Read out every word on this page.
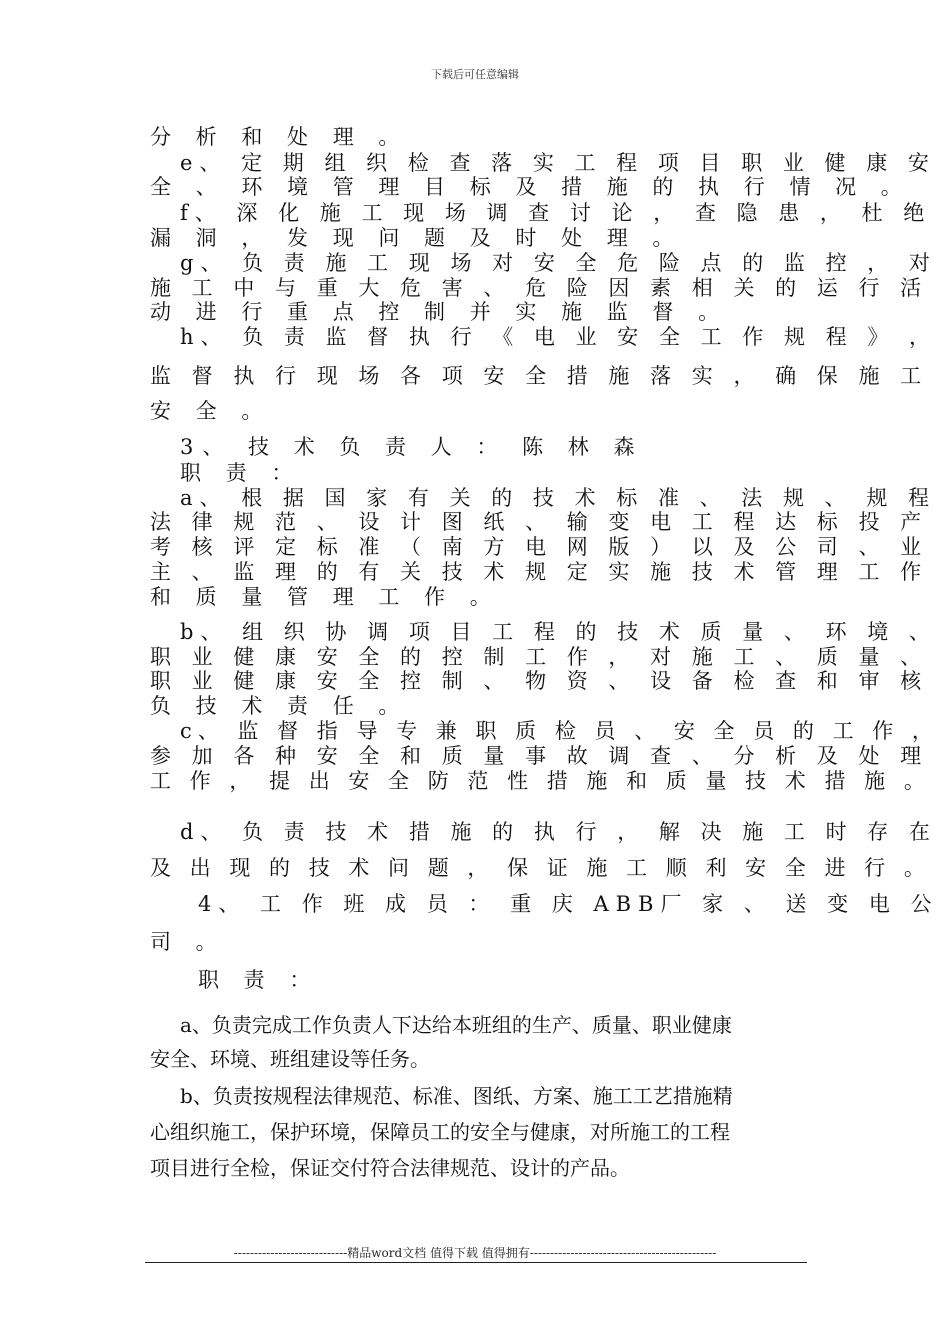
下载后可任意编辑
分 析 和 处 理 。
e、 定 期 组 织 检 查 落 实 工 程 项 目 职 业 健 康 安
全 、 环 境 管 理 目 标 及 措 施 的 执 行 情 况 。
f、 深 化 施 工 现 场 调 查 讨 论 ， 查 隐 患 ， 杜 绝
漏 洞 ， 发 现 问 题 及 时 处 理 。
g、 负 责 施 工 现 场 对 安 全 危 险 点 的 监 控 ， 对
施 工 中 与 重 大 危 害 、 危 险 因 素 相 关 的 运 行 活
动 进 行 重 点 控 制 并 实 施 监 督 。
h、 负 责 监 督 执 行 《 电 业 安 全 工 作 规 程 》 ，
监 督 执 行 现 场 各 项 安 全 措 施 落 实 ， 确 保 施 工
安 全 。
3、 技 术 负 责 人 ： 陈 林 森
职 责 ：
a、 根 据 国 家 有 关 的 技 术 标 准 、 法 规 、 规 程
法 律 规 范 、 设 计 图 纸 、 输 变 电 工 程 达 标 投 产
考 核 评 定 标 准 （ 南 方 电 网 版 ） 以 及 公 司 、 业
主 、 监 理 的 有 关 技 术 规 定 实 施 技 术 管 理 工 作
和 质 量 管 理 工 作 。
b、 组 织 协 调 项 目 工 程 的 技 术 质 量 、 环 境 、
职 业 健 康 安 全 的 控 制 工 作 ， 对 施 工 、 质 量 、
职 业 健 康 安 全 控 制 、 物 资 、 设 备 检 查 和 审 核
负 技 术 责 任 。
c、 监 督 指 导 专 兼 职 质 检 员 、 安 全 员 的 工 作 ，
参 加 各 种 安 全 和 质 量 事 故 调 查 、 分 析 及 处 理
工 作 ， 提 出 安 全 防 范 性 措 施 和 质 量 技 术 措 施 。
d、 负 责 技 术 措 施 的 执 行 ， 解 决 施 工 时 存 在
及 出 现 的 技 术 问 题 ， 保 证 施 工 顺 利 安 全 进 行 。
4、 工 作 班 成 员 ： 重 庆 ABB厂 家 、 送 变 电 公
司 。
职 责 ：
a、负责完成工作负责人下达给本班组的生产、质量、职业健康
安全、环境、班组建设等任务。
b、负责按规程法律规范、标准、图纸、方案、施工工艺措施精
心组织施工，保护环境，保障员工的安全与健康，对所施工的工程
项目进行全检，保证交付符合法律规范、设计的产品。
----------------------------精品word文档 值得下载 值得拥有----------------------------------------------
